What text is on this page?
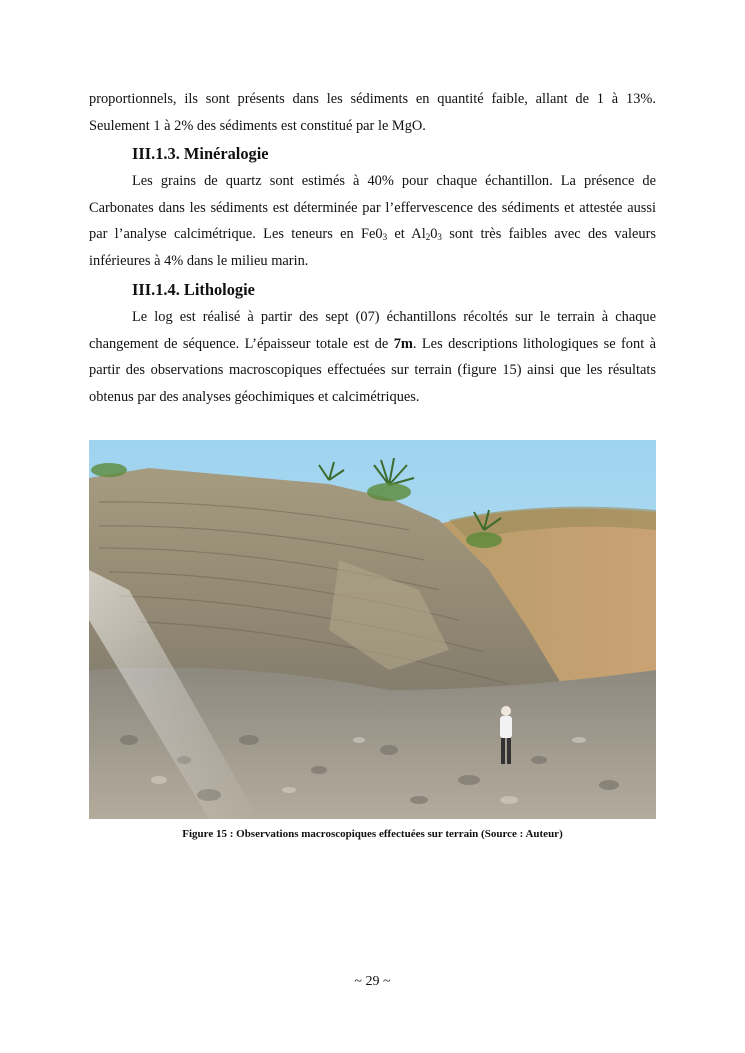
proportionnels, ils sont présents dans les sédiments en quantité faible, allant de 1 à 13%. Seulement 1 à 2% des sédiments est constitué par le MgO.

III.1.3. Minéralogie

Les grains de quartz sont estimés à 40% pour chaque échantillon. La présence de Carbonates dans les sédiments est déterminée par l’effervescence des sédiments et attestée aussi par l’analyse calcimétrique. Les teneurs en $Fe0_3$ et $Al_20_3$ sont très faibles avec des valeurs inférieures à 4% dans le milieu marin.

III.1.4. Lithologie

Le log est réalisé à partir des sept (07) échantillons récoltés sur le terrain à chaque changement de séquence. L’épaisseur totale est de 7m. Les descriptions lithologiques se font à partir des observations macroscopiques effectuées sur terrain (figure 15) ainsi que les résultats obtenus par des analyses géochimiques et calcimétriques.

Figure 15 : Observations macroscopiques effectuées sur terrain (Source : Auteur)
~ 29 ~
